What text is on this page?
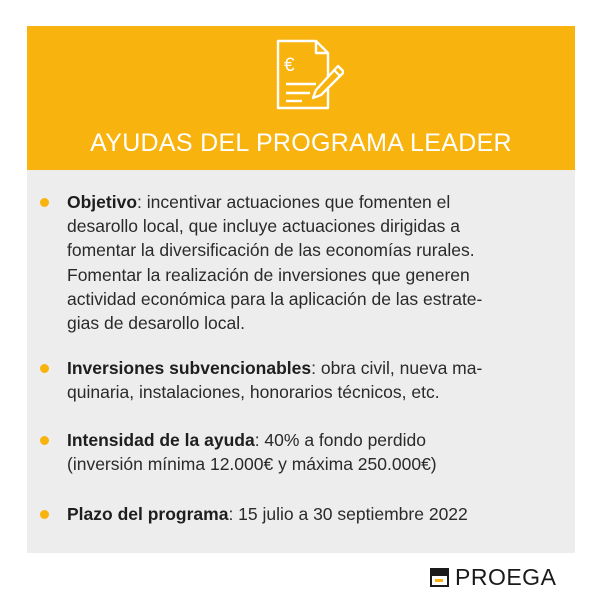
€
AYUDAS DEL PROGRAMA LEADER
Objetivo: incentivar actuaciones que fomenten el
desarollo local, que incluye actuaciones dirigidas a
fomentar la diversificación de las economías rurales.
Fomentar la realización de inversiones que generen
actividad económica para la aplicación de las estrate-
gias de desarollo local.
Inversiones subvencionables: obra civil, nueva ma-
quinaria, instalaciones, honorarios técnicos, etc.
Intensidad de la ayuda: 40% a fondo perdido
(inversión mínima 12.000€ y máxima 250.000€)
Plazo del programa: 15 julio a 30 septiembre 2022
PROEGA
